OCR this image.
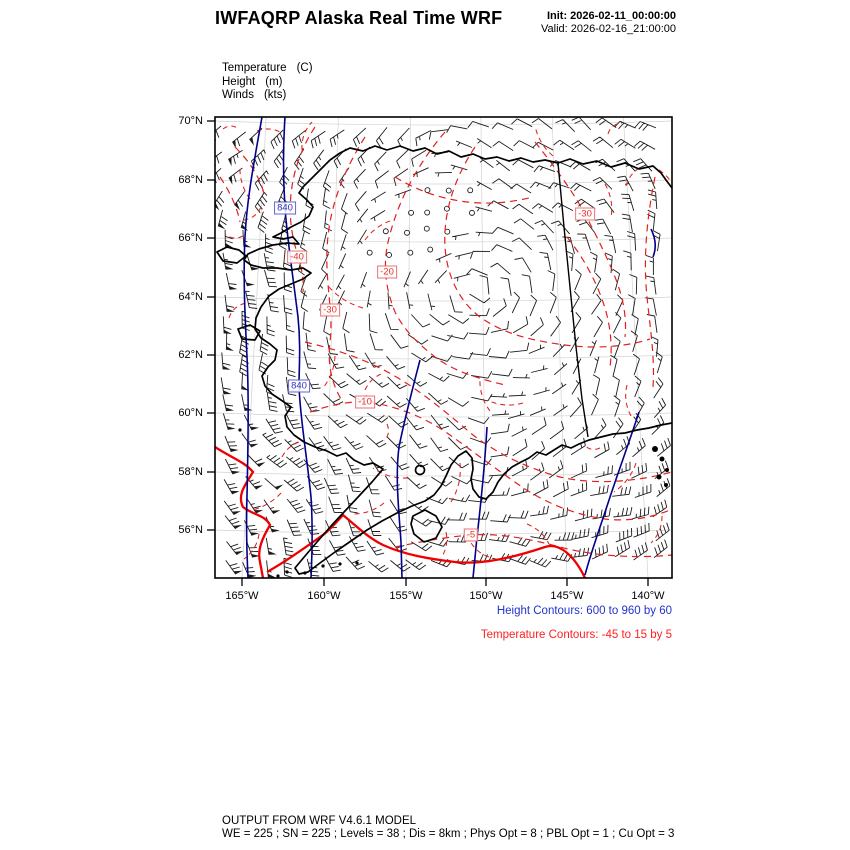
IWFAQRP Alaska Real Time WRF	Init: 2026-02-11_00:00:00
Valid: 2026-02-16_21:00:00
Temperature (C)
Height (m)
Winds (kts)
70°N
68°N
66°N
64°N
62°N
60°N
58°N
56°N
165°W	160°W	155°W	150°W	145°W	140°W
840
840
-30
-40
-20
-30
-10
-5
Height Contours: 600 to 960 by 60
Temperature Contours: -45 to 15 by 5
OUTPUT FROM WRF V4.6.1 MODEL
WE = 225 ; SN = 225 ; Levels = 38 ; Dis = 8km ; Phys Opt = 8 ; PBL Opt = 1 ; Cu Opt = 3
